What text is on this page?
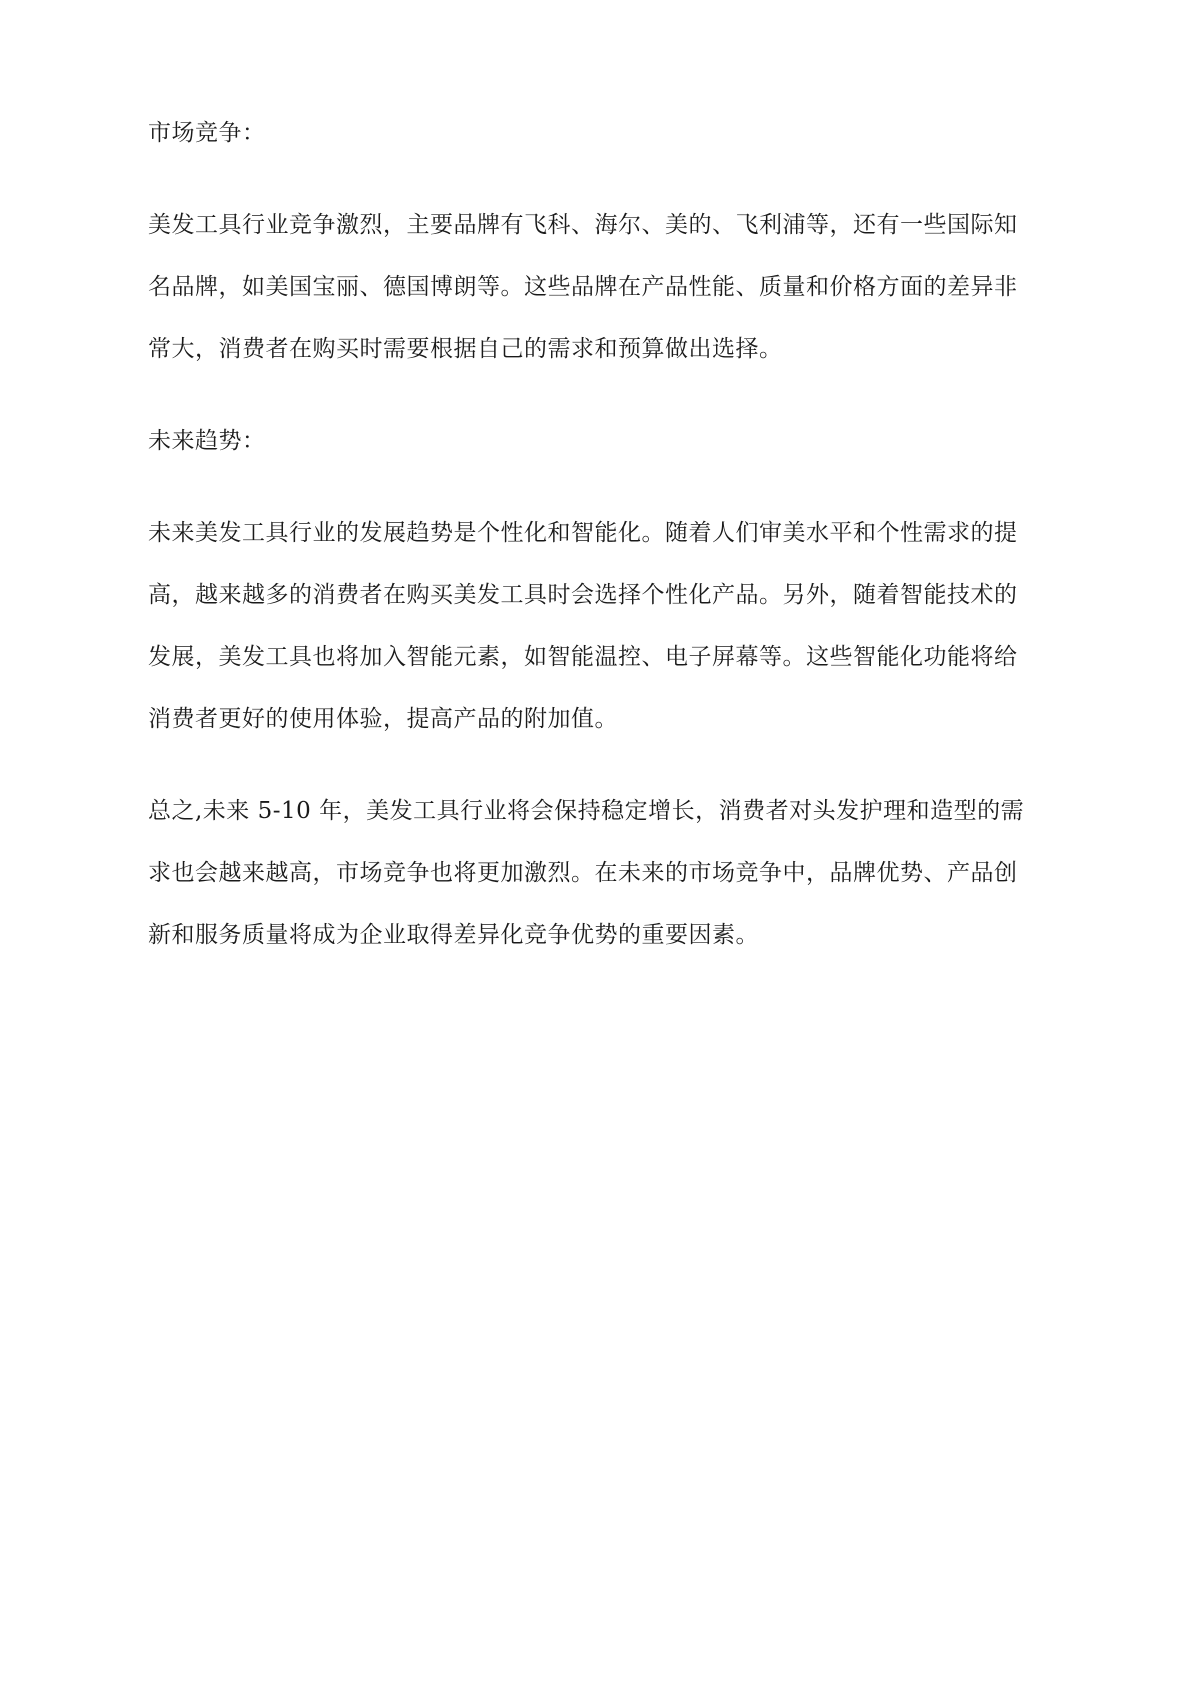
市场竞争：

美发工具行业竞争激烈，主要品牌有飞科、海尔、美的、飞利浦等，还有一些国际知

名品牌，如美国宝丽、德国博朗等。这些品牌在产品性能、质量和价格方面的差异非

常大，消费者在购买时需要根据自己的需求和预算做出选择。

未来趋势：

未来美发工具行业的发展趋势是个性化和智能化。随着人们审美水平和个性需求的提

高，越来越多的消费者在购买美发工具时会选择个性化产品。另外，随着智能技术的

发展，美发工具也将加入智能元素，如智能温控、电子屏幕等。这些智能化功能将给

消费者更好的使用体验，提高产品的附加值。

总之,未来 5-10 年，美发工具行业将会保持稳定增长，消费者对头发护理和造型的需

求也会越来越高，市场竞争也将更加激烈。在未来的市场竞争中，品牌优势、产品创

新和服务质量将成为企业取得差异化竞争优势的重要因素。
